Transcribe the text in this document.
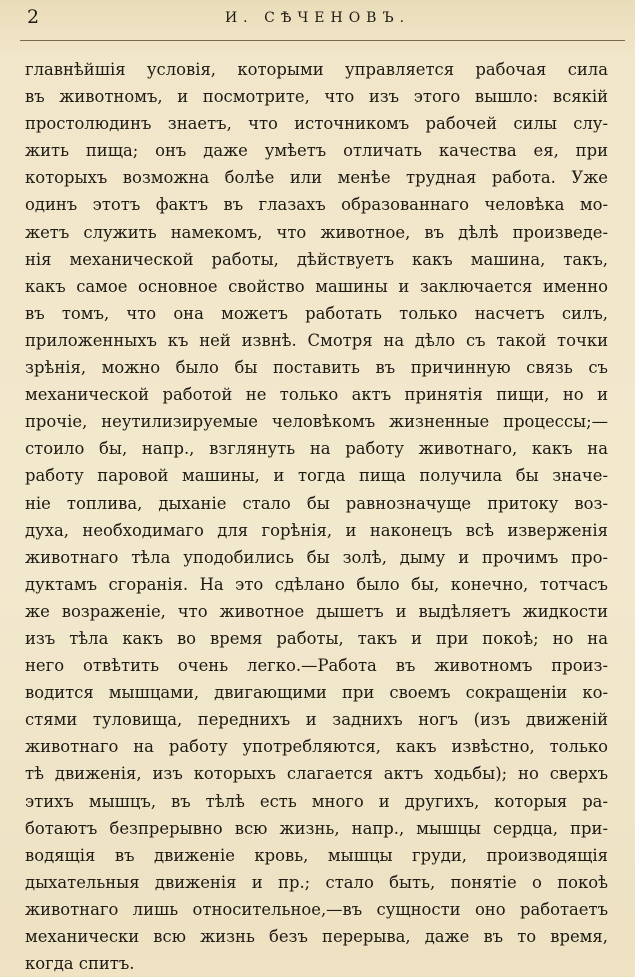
2	И. СѢЧЕНОВЪ.
главнѣйшія условія, которыми управляется рабочая сила
въ животномъ, и посмотрите, что изъ этого вышло: всякій
простолюдинъ знаетъ, что источникомъ рабочей силы слу-
жить пища; онъ даже умѣетъ отличать качества ея, при
которыхъ возможна болѣе или менѣе трудная работа. Уже
одинъ этотъ фактъ въ глазахъ образованнаго человѣка мо-
жетъ служить намекомъ, что животное, въ дѣлѣ произведе-
нія механической работы, дѣйствуетъ какъ машина, такъ,
какъ самое основное свойство машины и заключается именно
въ томъ, что она можетъ работать только насчетъ силъ,
приложенныхъ къ ней извнѣ. Смотря на дѣло съ такой точки
зрѣнія, можно было бы поставить въ причинную связь съ
механической работой не только актъ принятія пищи, но и
прочіе, неутилизируемые человѣкомъ жизненные процессы;—
стоило бы, напр., взглянуть на работу животнаго, какъ на
работу паровой машины, и тогда пища получила бы значе-
ніе топлива, дыханіе стало бы равнозначуще притоку воз-
духа, необходимаго для горѣнія, и наконецъ всѣ изверженія
животнаго тѣла уподобились бы золѣ, дыму и прочимъ про-
дуктамъ сгоранія. На это сдѣлано было бы, конечно, тотчасъ
же возраженіе, что животное дышетъ и выдѣляетъ жидкости
изъ тѣла какъ во время работы, такъ и при покоѣ; но на
него отвѣтить очень легко.—Работа въ животномъ произ-
водится мышцами, двигающими при своемъ сокращеніи ко-
стями туловища, переднихъ и заднихъ ногъ (изъ движеній
животнаго на работу употребляются, какъ извѣстно, только
тѣ движенія, изъ которыхъ слагается актъ ходьбы); но сверхъ
этихъ мышцъ, въ тѣлѣ есть много и другихъ, которыя ра-
ботаютъ безпрерывно всю жизнь, напр., мышцы сердца, при-
водящія въ движеніе кровь, мышцы груди, производящія
дыхательныя движенія и пр.; стало быть, понятіе о покоѣ
животнаго лишь относительное,—въ сущности оно работаетъ
механически всю жизнь безъ перерыва, даже въ то время,
когда спитъ.
